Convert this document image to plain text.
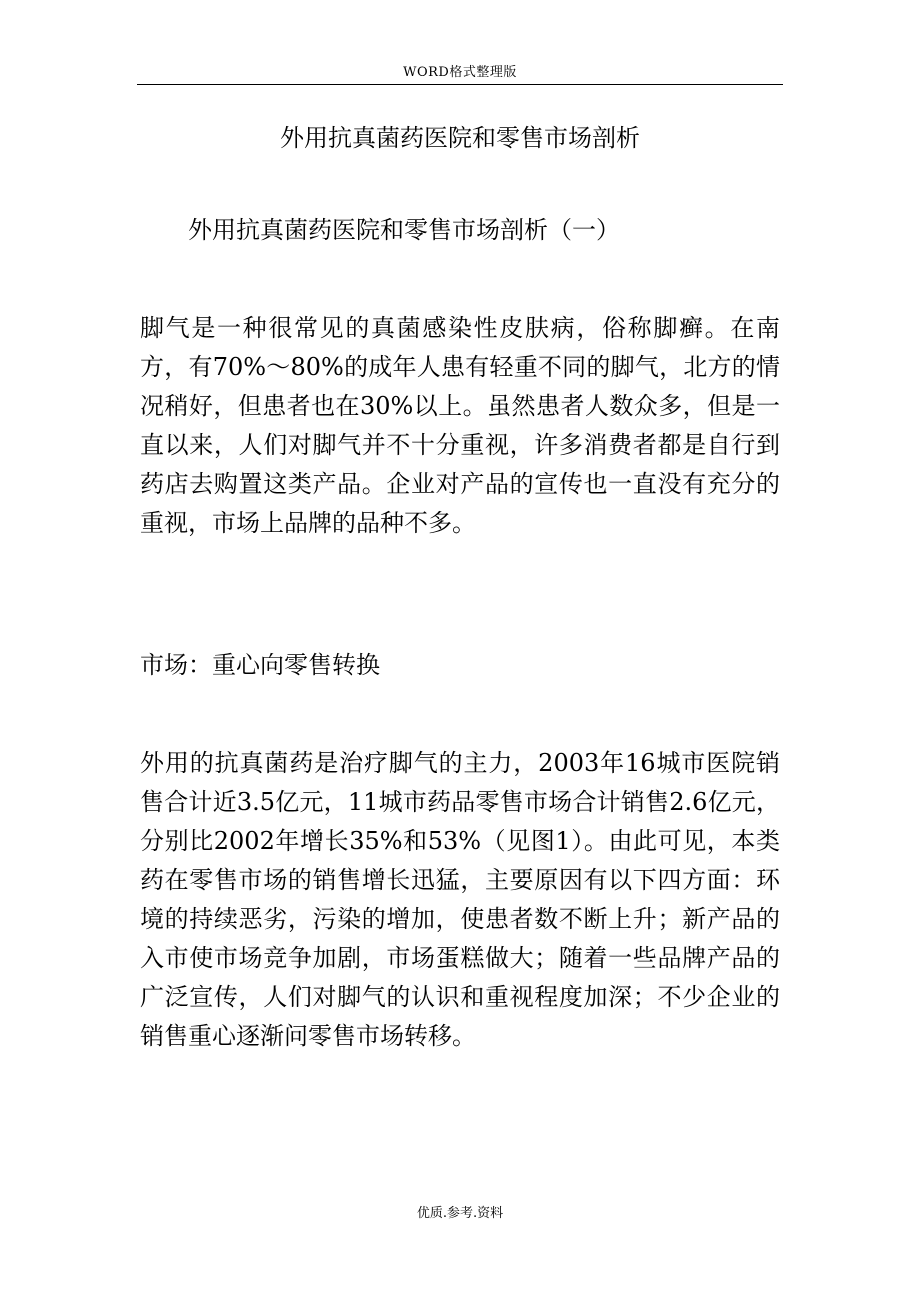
WORD格式整理版
外用抗真菌药医院和零售市场剖析
外用抗真菌药医院和零售市场剖析（一）

脚气是一种很常见的真菌感染性皮肤病，俗称脚癣。在南方，有70%～80%的成年人患有轻重不同的脚气，北方的情况稍好，但患者也在30%以上。虽然患者人数众多，但是一直以来，人们对脚气并不十分重视，许多消费者都是自行到药店去购置这类产品。企业对产品的宣传也一直没有充分的重视，市场上品牌的品种不多。

市场：重心向零售转换

外用的抗真菌药是治疗脚气的主力，2003年16城市医院销售合计近3.5亿元，11城市药品零售市场合计销售2.6亿元，分别比2002年增长35%和53%（见图1）。由此可见，本类药在零售市场的销售增长迅猛，主要原因有以下四方面：环境的持续恶劣，污染的增加，使患者数不断上升；新产品的入市使市场竞争加剧，市场蛋糕做大；随着一些品牌产品的广泛宣传，人们对脚气的认识和重视程度加深；不少企业的销售重心逐渐问零售市场转移。

优质.参考.资料
